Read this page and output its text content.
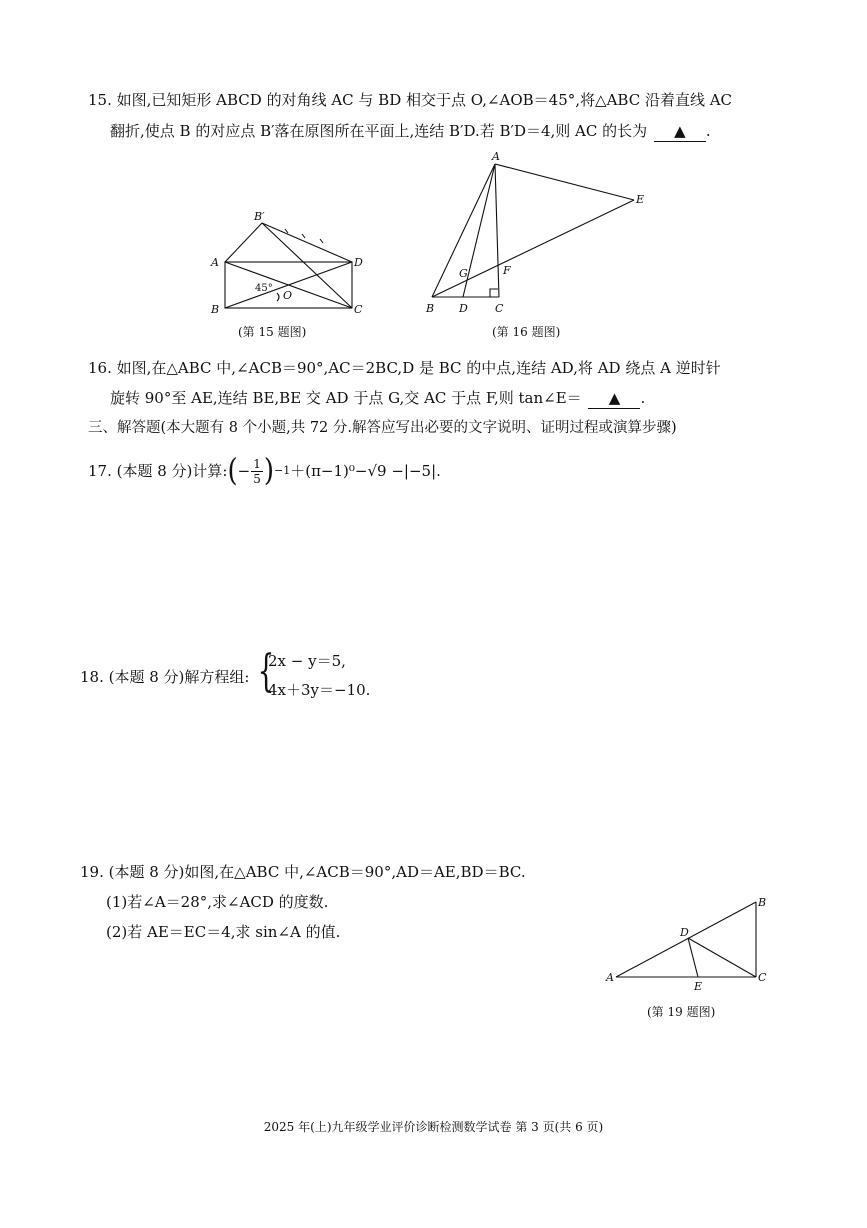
15. 如图,已知矩形 ABCD 的对角线 AC 与 BD 相交于点 O,∠AOB＝45°,将△ABC 沿着直线 AC
翻折,使点 B 的对应点 B′落在原图所在平面上,连结 B′D.若 B′D＝4,则 AC 的长为 ▲ .
B′
A	D
B	C
O
45°
(第 15 题图)
A
E
G	F
B D C
(第 16 题图)
16. 如图,在△ABC 中,∠ACB＝90°,AC＝2BC,D 是 BC 的中点,连结 AD,将 AD 绕点 A 逆时针
旋转 90°至 AE,连结 BE,BE 交 AD 于点 G,交 AC 于点 F,则 tan∠E＝ ▲ .
三、解答题(本大题有 8 个小题,共 72 分.解答应写出必要的文字说明、证明过程或演算步骤)
17. (本题 8 分)计算: ( − $\frac{1}{5}$ ) −1 ＋(π−1)⁰−√9 −|−5|.
18. (本题 8 分)解方程组: {
2x − y＝5,
4x＋3y＝−10.
19. (本题 8 分)如图,在△ABC 中,∠ACB＝90°,AD＝AE,BD＝BC.
(1)若∠A＝28°,求∠ACD 的度数.
(2)若 AE＝EC＝4,求 sin∠A 的值.
B
D
A
E
C
(第 19 题图)
2025 年(上)九年级学业评价诊断检测数学试卷 第 3 页(共 6 页)
